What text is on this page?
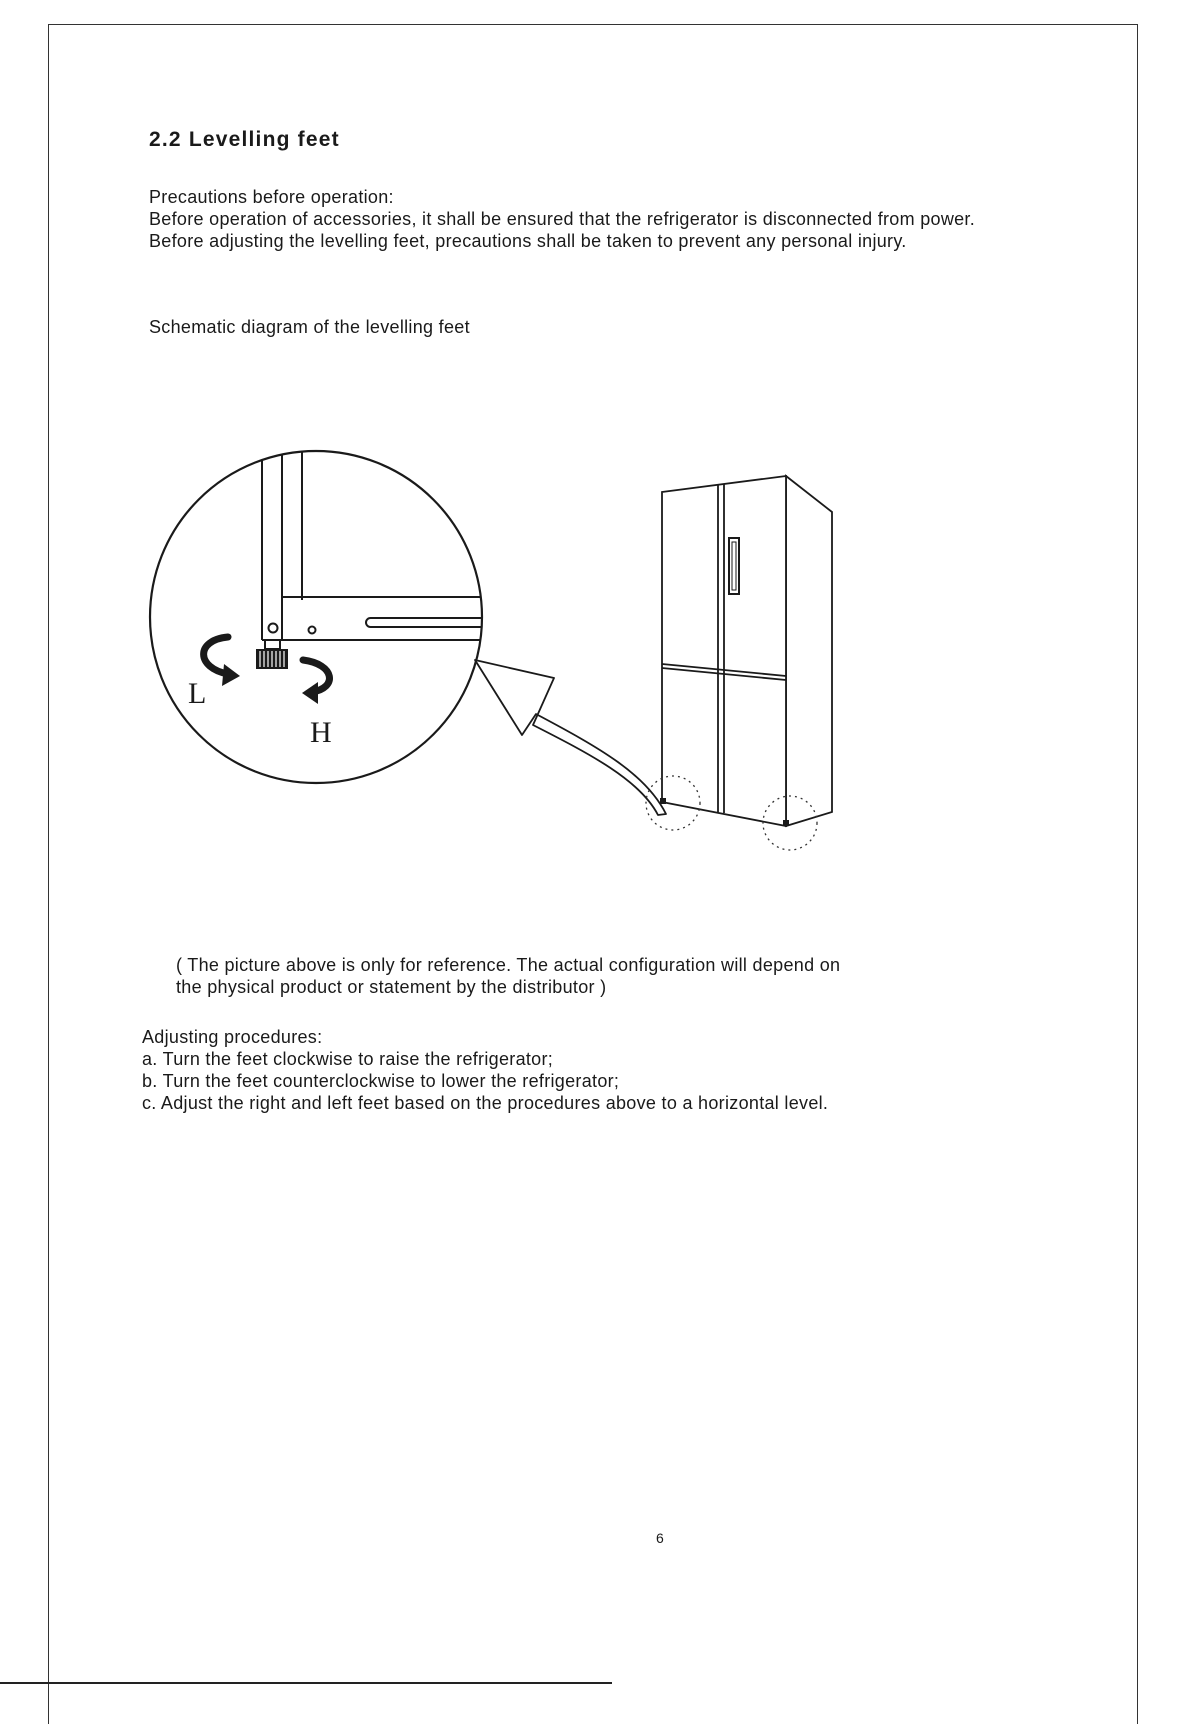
2.2 Levelling feet
Precautions before operation:
Before operation of accessories, it shall be ensured that the refrigerator is disconnected from power.
Before adjusting the levelling feet, precautions shall be taken to prevent any personal injury.
Schematic diagram of the levelling feet
L
H
( The picture above is only for reference. The actual configuration will depend on
the physical product or statement by the distributor )
Adjusting procedures:
a. Turn the feet clockwise to raise the refrigerator;
b. Turn the feet counterclockwise to lower the refrigerator;
c. Adjust the right and left feet based on the procedures above to a horizontal level.
6
